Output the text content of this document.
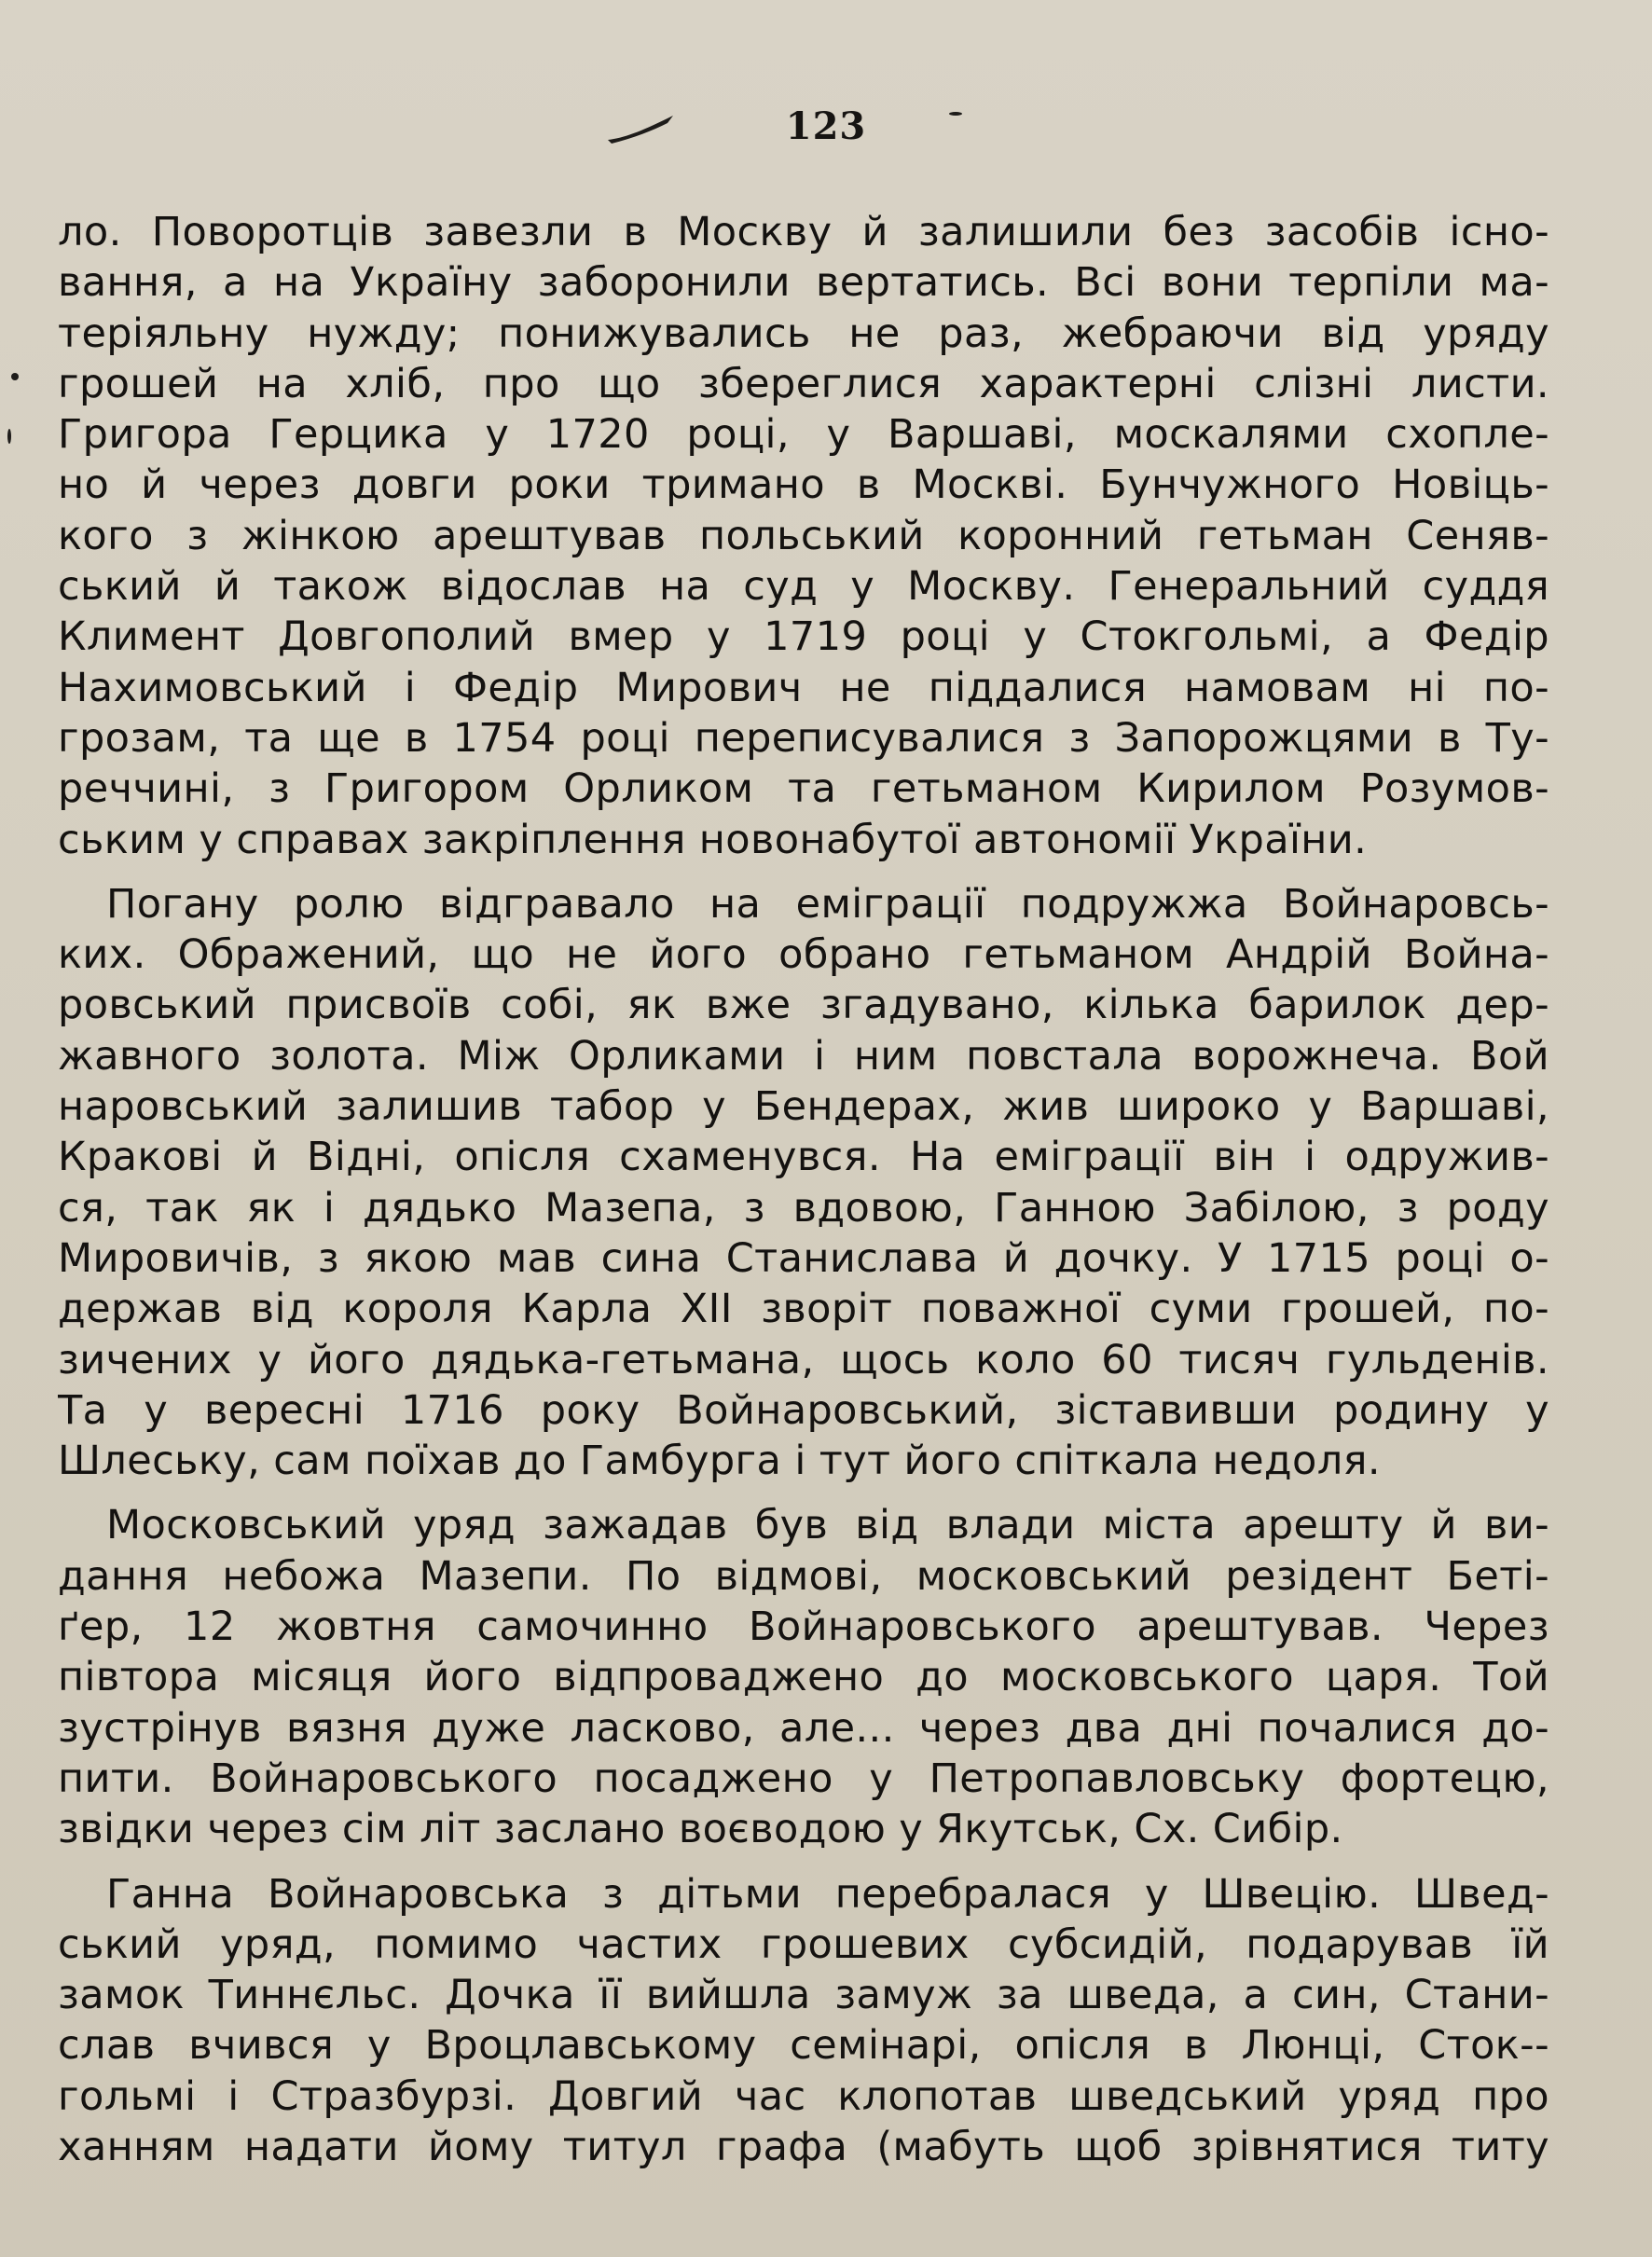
123
ло. Поворотців завезли в Москву й залишили без засобів існо-
вання, а на Україну заборонили вертатись. Всі вони терпіли ма-
теріяльну нужду; понижувались не раз, жебраючи від уряду
грошей на хліб, про що збереглися характерні слізні листи.
Григора Герцика у 1720 році, у Варшаві, москалями схопле-
но й через довги роки тримано в Москві. Бунчужного Новіць-
кого з жінкою арештував польський коронний гетьман Сеняв-
ський й також відослав на суд у Москву. Генеральний суддя
Климент Довгополий вмер у 1719 році у Стокгольмі, а Федір
Нахимовський і Федір Мирович не піддалися намовам ні по-
грозам, та ще в 1754 році переписувалися з Запорожцями в Ту-
реччині, з Григором Орликом та гетьманом Кирилом Розумов-
ським у справах закріплення новонабутої автономії України.
Погану ролю відгравало на еміграції подружжа Войнаровсь-
ких. Ображений, що не його обрано гетьманом Андрій Война-
ровський присвоїв собі, як вже згадувано, кілька барилок дер-
жавного золота. Між Орликами і ним повстала ворожнеча. Вой
наровський залишив табор у Бендерах, жив широко у Варшаві,
Кракові й Відні, опісля схаменувся. На еміграції він і одружив-
ся, так як і дядько Мазепа, з вдовою, Ганною Забілою, з роду
Мировичів, з якою мав сина Станислава й дочку. У 1715 році о-
держав від короля Карла XII зворіт поважної суми грошей, по-
зичених у його дядька-гетьмана, щось коло 60 тисяч гульденів.
Та у вересні 1716 року Войнаровський, зіставивши родину у
Шлеську, сам поїхав до Гамбурга і тут його спіткала недоля.
Московський уряд зажадав був від влади міста арешту й ви-
дання небожа Мазепи. По відмові, московський резідент Беті-
ґер, 12 жовтня самочинно Войнаровського арештував. Через
півтора місяця його відпроваджено до московського царя. Той
зустрінув вязня дуже ласково, але... через два дні почалися до-
пити. Войнаровського посаджено у Петропавловську фортецю,
звідки через сім літ заслано воєводою у Якутськ, Сх. Сибір.
Ганна Войнаровська з дітьми перебралася у Швецію. Швед-
ський уряд, помимо частих грошевих субсидій, подарував їй
замок Тиннєльс. Дочка її вийшла замуж за шведа, а син, Стани-
слав вчився у Вроцлавському семінарі, опісля в Люнці, Сток--
гольмі і Стразбурзі. Довгий час клопотав шведський уряд про
ханням надати йому титул графа (мабуть щоб зрівнятися титу
